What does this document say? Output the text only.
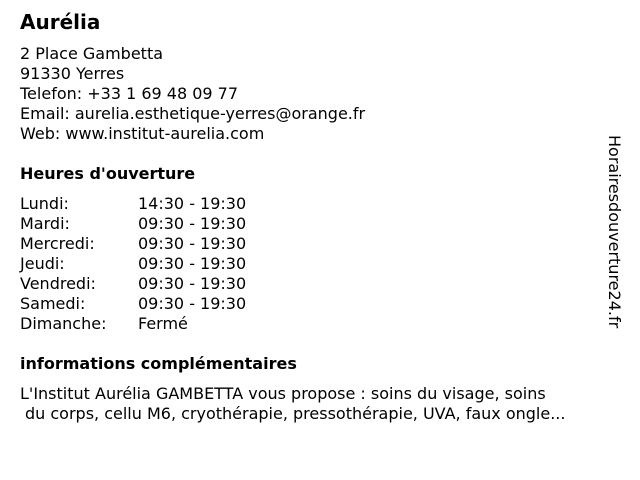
Aurélia
2 Place Gambetta
91330 Yerres
Telefon: +33 1 69 48 09 77
Email: aurelia.esthetique-yerres@orange.fr
Web: www.institut-aurelia.com
Heures d'ouverture
Lundi:	14:30 - 19:30
Mardi:	09:30 - 19:30
Mercredi:	09:30 - 19:30
Jeudi:	09:30 - 19:30
Vendredi:	09:30 - 19:30
Samedi:	09:30 - 19:30
Dimanche: Fermé
informations complémentaires
L'Institut Aurélia GAMBETTA vous propose : soins du visage, soins
du corps, cellu M6, cryothérapie, pressothérapie, UVA, faux ongle...
Horairesdouverture24.fr
